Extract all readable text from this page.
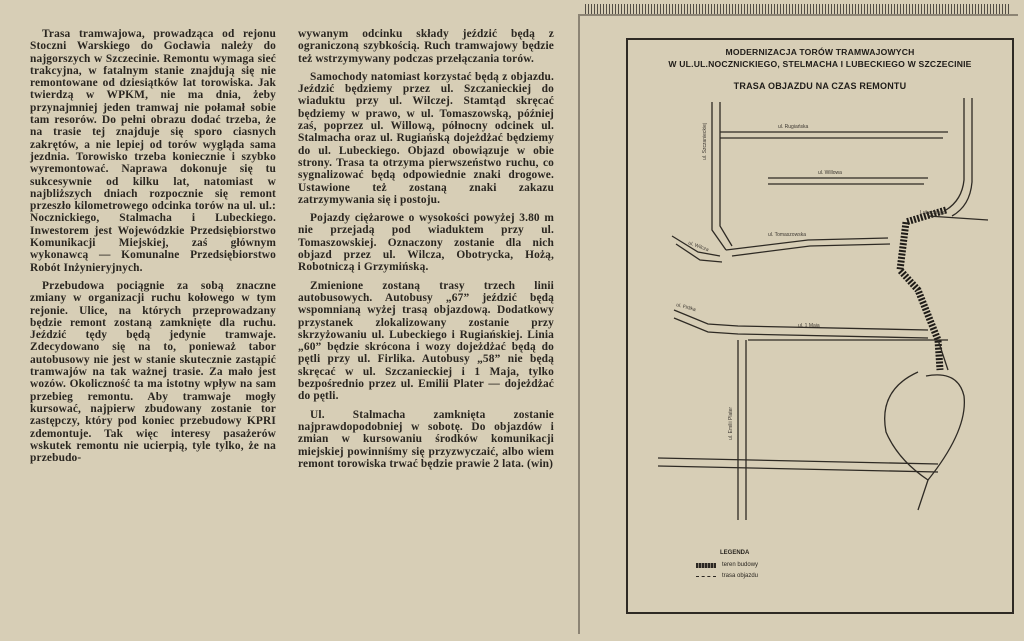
Trasa tramwajowa, prowadząca od rejonu Stoczni Warskiego do Gocławia należy do najgorszych w Szczecinie. Remontu wymaga sieć trakcyjna, w fatalnym stanie znajdują się nie remontowane od dziesiątków lat torowiska. Jak twierdzą w WPKM, nie ma dnia, żeby przynajmniej jeden tramwaj nie połamał sobie tam resorów. Do pełni obrazu dodać trzeba, że na trasie tej znajduje się sporo ciasnych zakrętów, a nie lepiej od torów wygląda sama jezdnia. Torowisko trzeba koniecznie i szybko wyremontować. Naprawa dokonuje się tu sukcesywnie od kilku lat, natomiast w najbliższych dniach rozpocznie się remont przeszło kilometrowego odcinka torów na ul. ul.: Nocznickiego, Stalmacha i Lubeckiego. Inwestorem jest Wojewódzkie Przedsiębiorstwo Komunikacji Miejskiej, zaś głównym wykonawcą — Komunalne Przedsiębiorstwo Robót Inżynieryjnych.

Przebudowa pociągnie za sobą znaczne zmiany w organizacji ruchu kołowego w tym rejonie. Ulice, na których przeprowadzany będzie remont zostaną zamknięte dla ruchu. Jeździć tędy będą jedynie tramwaje. Zdecydowano się na to, ponieważ tabor autobusowy nie jest w stanie skutecznie zastąpić tramwajów na tak ważnej trasie. Za mało jest wozów. Okoliczność ta ma istotny wpływ na sam przebieg remontu. Aby tramwaje mogły kursować, najpierw zbudowany zostanie tor zastępczy, który pod koniec przebudowy KPRI zdemontuje. Tak więc interesy pasażerów wskutek remontu nie ucierpią, tyle tylko, że na przebudo-

wywanym odcinku składy jeździć będą z ograniczoną szybkością. Ruch tramwajowy będzie też wstrzymywany podczas przełączania torów.

Samochody natomiast korzystać będą z objazdu. Jeździć będziemy przez ul. Szczanieckiej do wiaduktu przy ul. Wilczej. Stamtąd skręcać będziemy w prawo, w ul. Tomaszowską, później zaś, poprzez ul. Willową, północny odcinek ul. Stalmacha oraz ul. Rugiańską dojeżdżać będziemy do ul. Lubeckiego. Objazd obowiązuje w obie strony. Trasa ta otrzyma pierwszeństwo ruchu, co sygnalizować będą odpowiednie znaki drogowe. Ustawione też zostaną znaki zakazu zatrzymywania się i postoju.

Pojazdy ciężarowe o wysokości powyżej 3.80 m nie przejadą pod wiaduktem przy ul. Tomaszowskiej. Oznaczony zostanie dla nich objazd przez ul. Wilcza, Obotrycka, Hożą, Robotniczą i Grzymińską.

Zmienione zostaną trasy trzech linii autobusowych. Autobusy „67” jeździć będą wspomnianą wyżej trasą objazdową. Dodatkowy przystanek zlokalizowany zostanie przy skrzyżowaniu ul. Lubeckiego i Rugiańskiej. Linia „60” będzie skrócona i wozy dojeżdżać będą do pętli przy ul. Firlika. Autobusy „58” nie będą skręcać w ul. Szczanieckiej i 1 Maja, tylko bezpośrednio przez ul. Emilii Plater — dojeżdżać do pętli.

Ul. Stalmacha zamknięta zostanie najprawdopodobniej w sobotę. Do objazdów i zmian w kursowaniu środków komunikacji miejskiej powinniśmy się przyzwyczaić, albo wiem remont torowiska trwać będzie prawie 2 lata. (win)

MODERNIZACJA TORÓW TRAMWAJOWYCH
W UL.UL.NOCZNICKIEGO, STELMACHA I LUBECKIEGO W SZCZECINIE
TRASA OBJAZDU NA CZAS REMONTU
ul. Rugiańska
ul. Willowa
ul. Tomaszowska
ul. Wilcza
ul. Firlika
ul. 1 Maja
Lubeckiego
ul. Szczanieckiej
ul. Emilii Plater
LEGENDA
teren budowy
trasa objazdu
